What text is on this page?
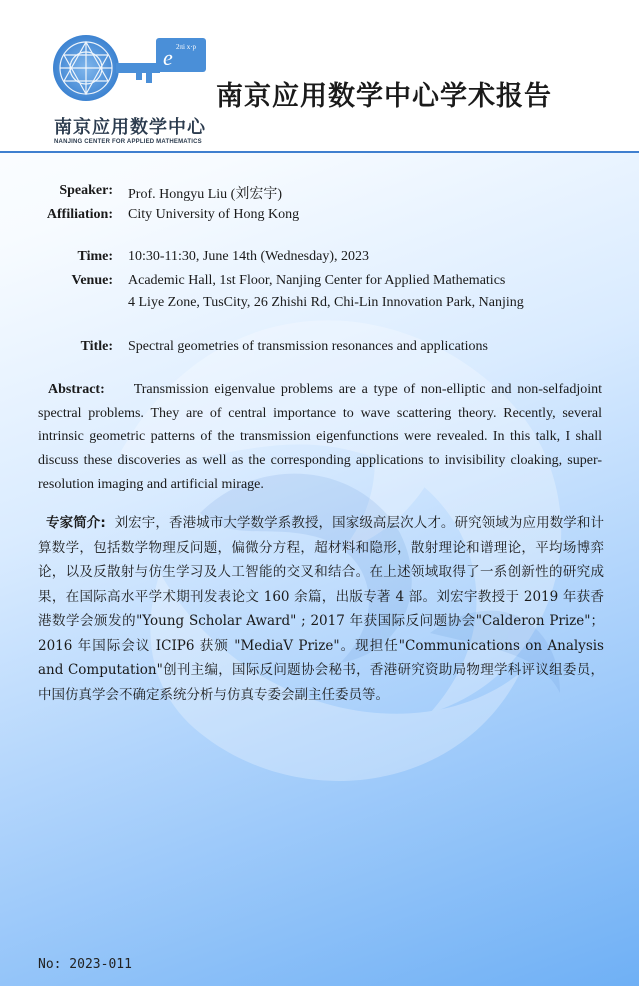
e 2πi x·p
南京应用数学中心
NANJING CENTER FOR APPLIED MATHEMATICS
南京应用数学中心学术报告
Speaker: Prof. Hongyu Liu (刘宏宇)
Affiliation: City University of Hong Kong
Time: 10:30-11:30, June 14th (Wednesday), 2023
Venue: Academic Hall, 1st Floor, Nanjing Center for Applied Mathematics
4 Liye Zone, TusCity, 26 Zhishi Rd, Chi-Lin Innovation Park, Nanjing
Title: Spectral geometries of transmission resonances and applications
Abstract: Transmission eigenvalue problems are a type of non-elliptic and non-selfadjoint spectral problems. They are of central importance to wave scattering theory. Recently, several intrinsic geometric patterns of the transmission eigenfunctions were revealed. In this talk, I shall discuss these discoveries as well as the corresponding applications to invisibility cloaking, super-resolution imaging and artificial mirage.
专家简介: 刘宏宇，香港城市大学数学系教授，国家级高层次人才。研究领域为应用数学和计算数学，包括数学物理反问题，偏微分方程，超材料和隐形，散射理论和谱理论，平均场博弈论，以及反散射与仿生学习及人工智能的交叉和结合。在上述领域取得了一系创新性的研究成果，在国际高水平学术期刊发表论文 160 余篇，出版专著 4 部。刘宏宇教授于 2019 年获香港数学会颁发的"Young Scholar Award" ; 2017 年获国际反问题协会"Calderon Prize"；2016 年国际会议 ICIP6 获颁 "MediaV Prize"。现担任"Communications on Analysis and Computation"创刊主编，国际反问题协会秘书，香港研究资助局物理学科评议组委员，中国仿真学会不确定系统分析与仿真专委会副主任委员等。
No: 2023-011
